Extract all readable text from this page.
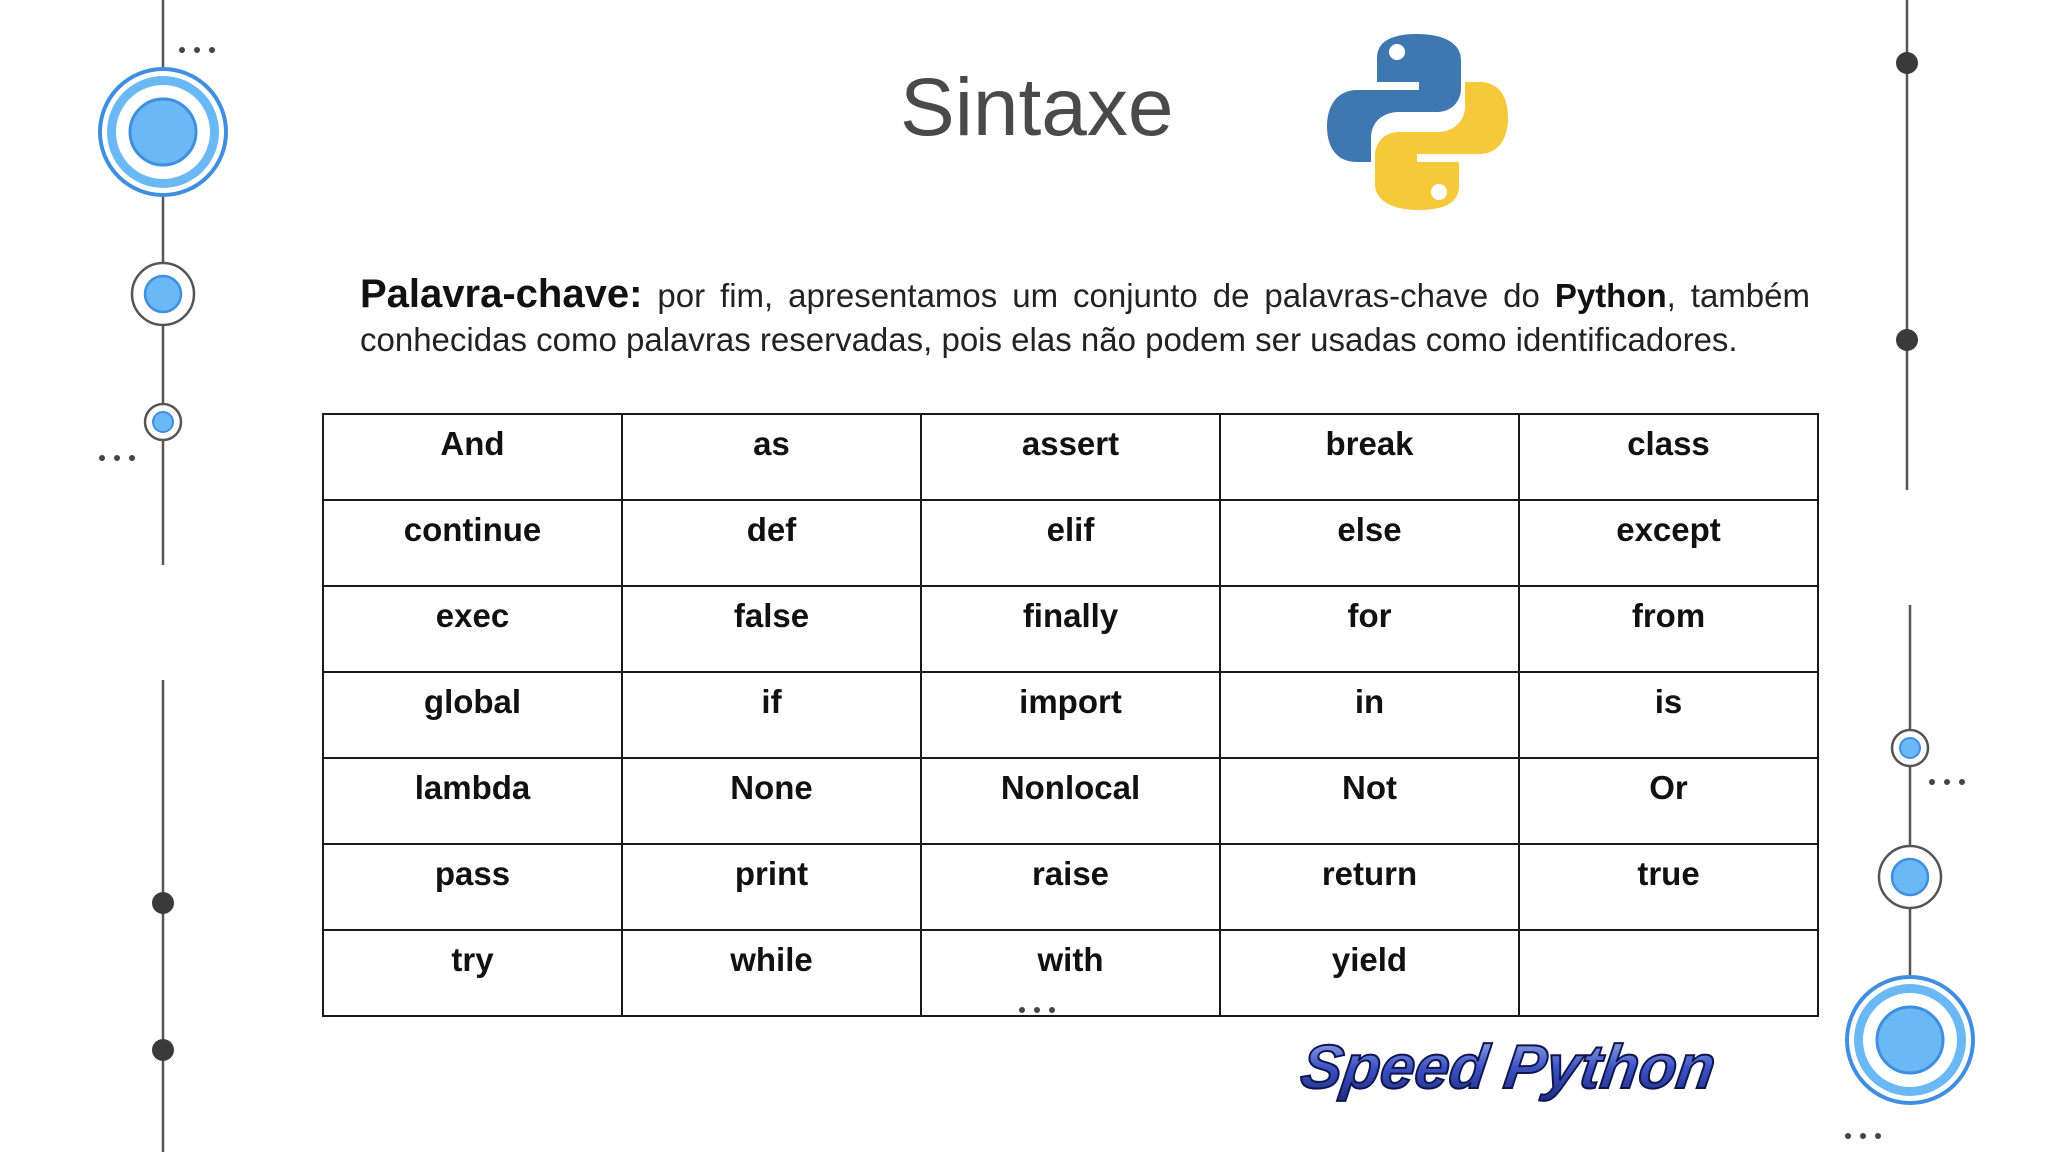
Sintaxe

Palavra-chave: por fim, apresentamos um conjunto de palavras-chave do Python, também conhecidas como palavras reservadas, pois elas não podem ser usadas como identificadores.

And	as	assert	break	class
continue	def	elif	else	except
exec	false	finally	for	from
global	if	import	in	is
lambda	None	Nonlocal	Not	Or
pass	print	raise	return	true
try	while	with	yield	
Speed Python
